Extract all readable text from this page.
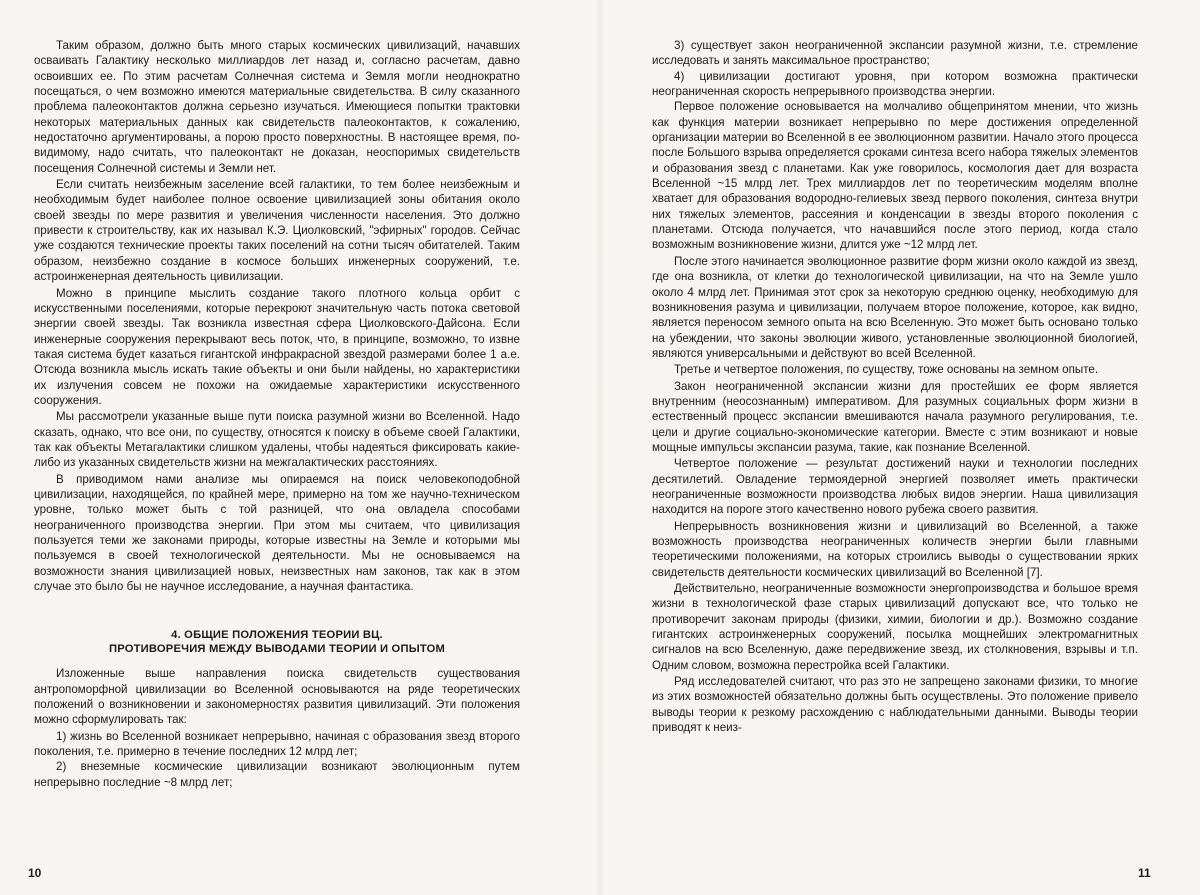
Таким образом, должно быть много старых космических цивилизаций, начавших осваивать Галактику несколько миллиардов лет назад и, согласно расчетам, давно освоивших ее. По этим расчетам Солнечная система и Земля могли неоднократно посещаться, о чем возможно имеются материальные свидетельства. В силу сказанного проблема палеоконтактов должна серьезно изучаться. Имеющиеся попытки трактовки некоторых материальных данных как свидетельств палеоконтактов, к сожалению, недостаточно аргументированы, а порою просто поверхностны. В настоящее время, по-видимому, надо считать, что палеоконтакт не доказан, неоспоримых свидетельств посещения Солнечной системы и Земли нет.

Если считать неизбежным заселение всей галактики, то тем более неизбежным и необходимым будет наиболее полное освоение цивилизацией зоны обитания около своей звезды по мере развития и увеличения численности населения. Это должно привести к строительству, как их называл К.Э. Циолковский, "эфирных" городов. Сейчас уже создаются технические проекты таких поселений на сотни тысяч обитателей. Таким образом, неизбежно создание в космосе больших инженерных сооружений, т.е. астроинженерная деятельность цивилизации.

Можно в принципе мыслить создание такого плотного кольца орбит с искусственными поселениями, которые перекроют значительную часть потока световой энергии своей звезды. Так возникла известная сфера Циолковского-Дайсона. Если инженерные сооружения перекрывают весь поток, что, в принципе, возможно, то извне такая система будет казаться гигантской инфракрасной звездой размерами более 1 а.е. Отсюда возникла мысль искать такие объекты и они были найдены, но характеристики их излучения совсем не похожи на ожидаемые характеристики искусственного сооружения.

Мы рассмотрели указанные выше пути поиска разумной жизни во Вселенной. Надо сказать, однако, что все они, по существу, относятся к поиску в объеме своей Галактики, так как объекты Метагалактики слишком удалены, чтобы надеяться фиксировать какие-либо из указанных свидетельств жизни на межгалактических расстояниях.

В приводимом нами анализе мы опираемся на поиск человекоподобной цивилизации, находящейся, по крайней мере, примерно на том же научно-техническом уровне, только может быть с той разницей, что она овладела способами неограниченного производства энергии. При этом мы считаем, что цивилизация пользуется теми же законами природы, которые известны на Земле и которыми мы пользуемся в своей технологической деятельности. Мы не основываемся на возможности знания цивилизацией новых, неизвестных нам законов, так как в этом случае это было бы не научное исследование, а научная фантастика.

4. ОБЩИЕ ПОЛОЖЕНИЯ ТЕОРИИ ВЦ.
ПРОТИВОРЕЧИЯ МЕЖДУ ВЫВОДАМИ ТЕОРИИ И ОПЫТОМ

Изложенные выше направления поиска свидетельств существования антропоморфной цивилизации во Вселенной основываются на ряде теоретических положений о возникновении и закономерностях развития цивилизаций. Эти положения можно сформулировать так:

1) жизнь во Вселенной возникает непрерывно, начиная с образования звезд второго поколения, т.е. примерно в течение последних 12 млрд лет;

2) внеземные космические цивилизации возникают эволюционным путем непрерывно последние ~8 млрд лет;

10

3) существует закон неограниченной экспансии разумной жизни, т.е. стремление исследовать и занять максимальное пространство;

4) цивилизации достигают уровня, при котором возможна практически неограниченная скорость непрерывного производства энергии.

Первое положение основывается на молчаливо общепринятом мнении, что жизнь как функция материи возникает непрерывно по мере достижения определенной организации материи во Вселенной в ее эволюционном развитии. Начало этого процесса после Большого взрыва определяется сроками синтеза всего набора тяжелых элементов и образования звезд с планетами. Как уже говорилось, космология дает для возраста Вселенной ~15 млрд лет. Трех миллиардов лет по теоретическим моделям вполне хватает для образования водородно-гелиевых звезд первого поколения, синтеза внутри них тяжелых элементов, рассеяния и конденсации в звезды второго поколения с планетами. Отсюда получается, что начавшийся после этого период, когда стало возможным возникновение жизни, длится уже ~12 млрд лет.

После этого начинается эволюционное развитие форм жизни около каждой из звезд, где она возникла, от клетки до технологической цивилизации, на что на Земле ушло около 4 млрд лет. Принимая этот срок за некоторую среднюю оценку, необходимую для возникновения разума и цивилизации, получаем второе положение, которое, как видно, является переносом земного опыта на всю Вселенную. Это может быть основано только на убеждении, что законы эволюции живого, установленные эволюционной биологией, являются универсальными и действуют во всей Вселенной.

Третье и четвертое положения, по существу, тоже основаны на земном опыте.

Закон неограниченной экспансии жизни для простейших ее форм является внутренним (неосознанным) императивом. Для разумных социальных форм жизни в естественный процесс экспансии вмешиваются начала разумного регулирования, т.е. цели и другие социально-экономические категории. Вместе с этим возникают и новые мощные импульсы экспансии разума, такие, как познание Вселенной.

Четвертое положение — результат достижений науки и технологии последних десятилетий. Овладение термоядерной энергией позволяет иметь практически неограниченные возможности производства любых видов энергии. Наша цивилизация находится на пороге этого качественно нового рубежа своего развития.

Непрерывность возникновения жизни и цивилизаций во Вселенной, а также возможность производства неограниченных количеств энергии были главными теоретическими положениями, на которых строились выводы о существовании ярких свидетельств деятельности космических цивилизаций во Вселенной [7].

Действительно, неограниченные возможности энергопроизводства и большое время жизни в технологической фазе старых цивилизаций допускают все, что только не противоречит законам природы (физики, химии, биологии и др.). Возможно создание гигантских астроинженерных сооружений, посылка мощнейших электромагнитных сигналов на всю Вселенную, даже передвижение звезд, их столкновения, взрывы и т.п. Одним словом, возможна перестройка всей Галактики.

Ряд исследователей считают, что раз это не запрещено законами физики, то многие из этих возможностей обязательно должны быть осуществлены. Это положение привело выводы теории к резкому расхождению с наблюдательными данными. Выводы теории приводят к неиз-

11
